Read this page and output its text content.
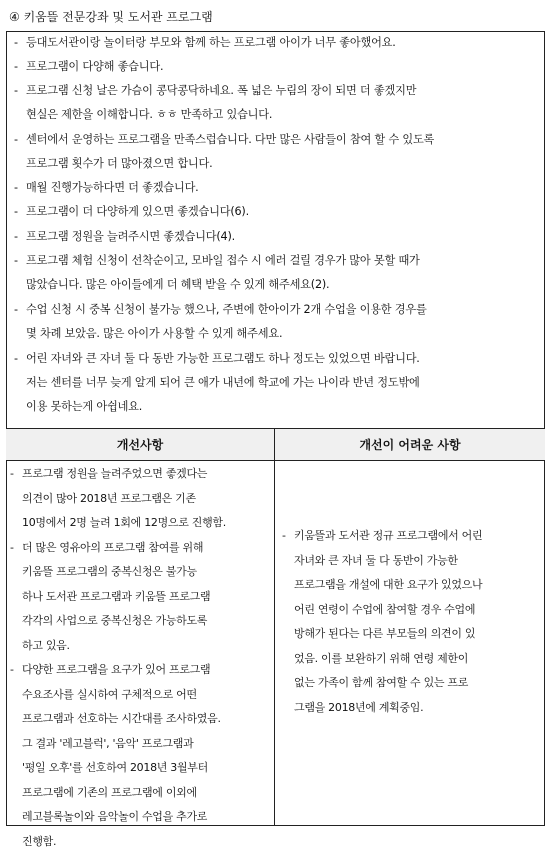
④ 키움뜰 전문강좌 및 도서관 프로그램
- 등대도서관이랑 놀이터랑 부모와 함께 하는 프로그램 아이가 너무 좋아했어요.
- 프로그램이 다양해 좋습니다.
- 프로그램 신청 날은 가슴이 콩닥콩닥하네요. 폭 넓은 누림의 장이 되면 더 좋겠지만
현실은 제한을 이해합니다. ㅎㅎ 만족하고 있습니다.
- 센터에서 운영하는 프로그램을 만족스럽습니다. 다만 많은 사람들이 참여 할 수 있도록
프로그램 횟수가 더 많아졌으면 합니다.
- 매월 진행가능하다면 더 좋겠습니다.
- 프로그램이 더 다양하게 있으면 좋겠습니다(6).
- 프로그램 정원을 늘려주시면 좋겠습니다(4).
- 프로그램 체험 신청이 선착순이고, 모바일 접수 시 에러 걸릴 경우가 많아 못할 때가
많았습니다. 많은 아이들에게 더 혜택 받을 수 있게 해주세요(2).
- 수업 신청 시 중복 신청이 불가능 했으나, 주변에 한아이가 2개 수업을 이용한 경우를
몇 차례 보았음. 많은 아이가 사용할 수 있게 해주세요.
- 어린 자녀와 큰 자녀 둘 다 동반 가능한 프로그램도 하나 정도는 있었으면 바랍니다.
저는 센터를 너무 늦게 알게 되어 큰 애가 내년에 학교에 가는 나이라 반년 정도밖에
이용 못하는게 아쉽네요.
개선사항	개선이 어려운 사항
- 프로그램 정원을 늘려주었으면 좋겠다는
의견이 많아 2018년 프로그램은 기존
10명에서 2명 늘려 1회에 12명으로 진행함.
- 더 많은 영유아의 프로그램 참여를 위해
키움뜰 프로그램의 중복신청은 불가능
하나 도서관 프로그램과 키움뜰 프로그램
각각의 사업으로 중복신청은 가능하도록
하고 있음.
- 다양한 프로그램을 요구가 있어 프로그램
수요조사를 실시하여 구체적으로 어떤
프로그램과 선호하는 시간대를 조사하였음.
그 결과 '레고블럭', '음악' 프로그램과
'평일 오후'를 선호하여 2018년 3월부터
프로그램에 기존의 프로그램에 이외에
레고블록놀이와 음악놀이 수업을 추가로
진행함.
- 키움뜰과 도서관 정규 프로그램에서 어린
자녀와 큰 자녀 둘 다 동반이 가능한
프로그램을 개설에 대한 요구가 있었으나
어린 연령이 수업에 참여할 경우 수업에
방해가 된다는 다른 부모들의 의견이 있
었음. 이를 보완하기 위해 연령 제한이
없는 가족이 함께 참여할 수 있는 프로
그램을 2018년에 계획중임.
